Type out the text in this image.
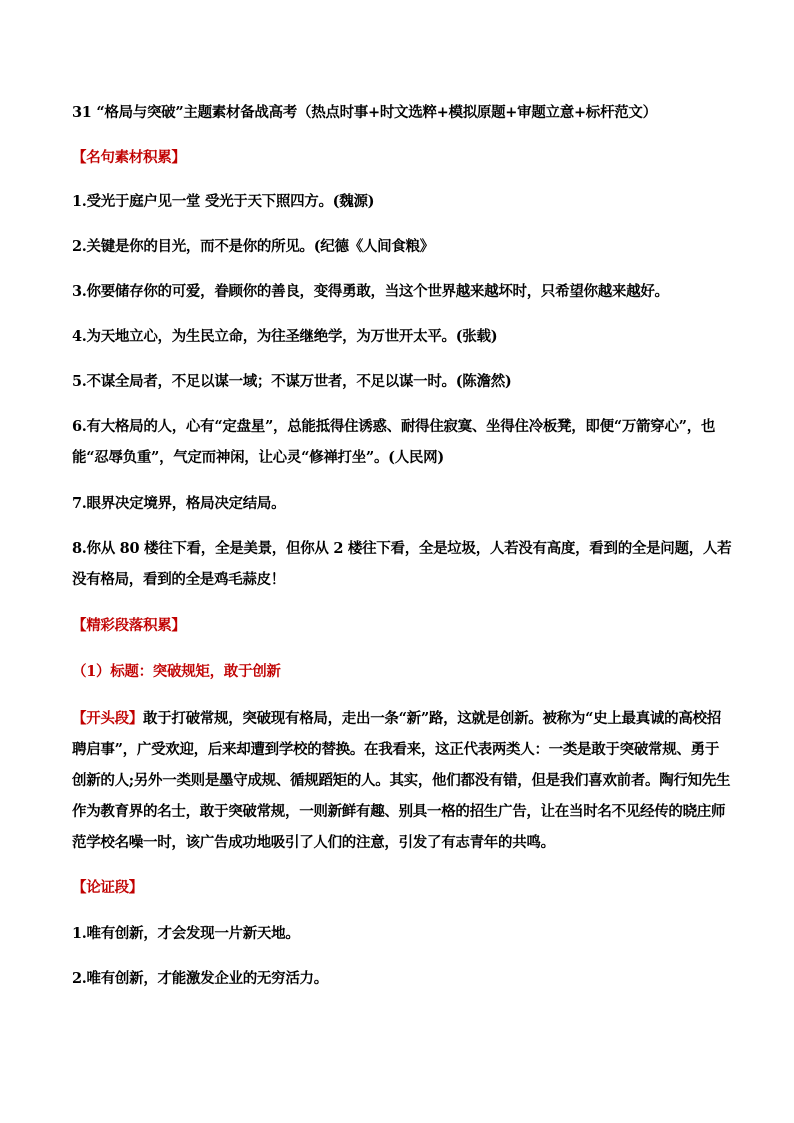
31 “格局与突破”主题素材备战高考（热点时事+时文选粹+模拟原题+审题立意+标杆范文）
【名句素材积累】
1.受光于庭户见一堂 受光于天下照四方。(魏源)
2.关键是你的目光，而不是你的所见。(纪德《人间食粮》
3.你要储存你的可爱，眷顾你的善良，变得勇敢，当这个世界越来越坏时，只希望你越来越好。
4.为天地立心，为生民立命，为往圣继绝学，为万世开太平。(张载)
5.不谋全局者，不足以谋一域；不谋万世者，不足以谋一时。(陈澹然)
6.有大格局的人，心有“定盘星”，总能抵得住诱惑、耐得住寂寞、坐得住冷板凳，即便“万箭穿心”，也能“忍辱负重”，气定而神闲，让心灵“修禅打坐”。(人民网)
7.眼界决定境界，格局决定结局。
8.你从 80 楼往下看，全是美景，但你从 2 楼往下看，全是垃圾，人若没有高度，看到的全是问题，人若没有格局，看到的全是鸡毛蒜皮！
【精彩段落积累】
（1）标题：突破规矩，敢于创新
【开头段】敢于打破常规，突破现有格局，走出一条“新”路，这就是创新。被称为“史上最真诚的高校招聘启事”，广受欢迎，后来却遭到学校的替换。在我看来，这正代表两类人：一类是敢于突破常规、勇于创新的人;另外一类则是墨守成规、循规蹈矩的人。其实，他们都没有错，但是我们喜欢前者。陶行知先生作为教育界的名士，敢于突破常规，一则新鲜有趣、别具一格的招生广告，让在当时名不见经传的晓庄师范学校名噪一时，该广告成功地吸引了人们的注意，引发了有志青年的共鸣。
【论证段】
1.唯有创新，才会发现一片新天地。
2.唯有创新，才能激发企业的无穷活力。
